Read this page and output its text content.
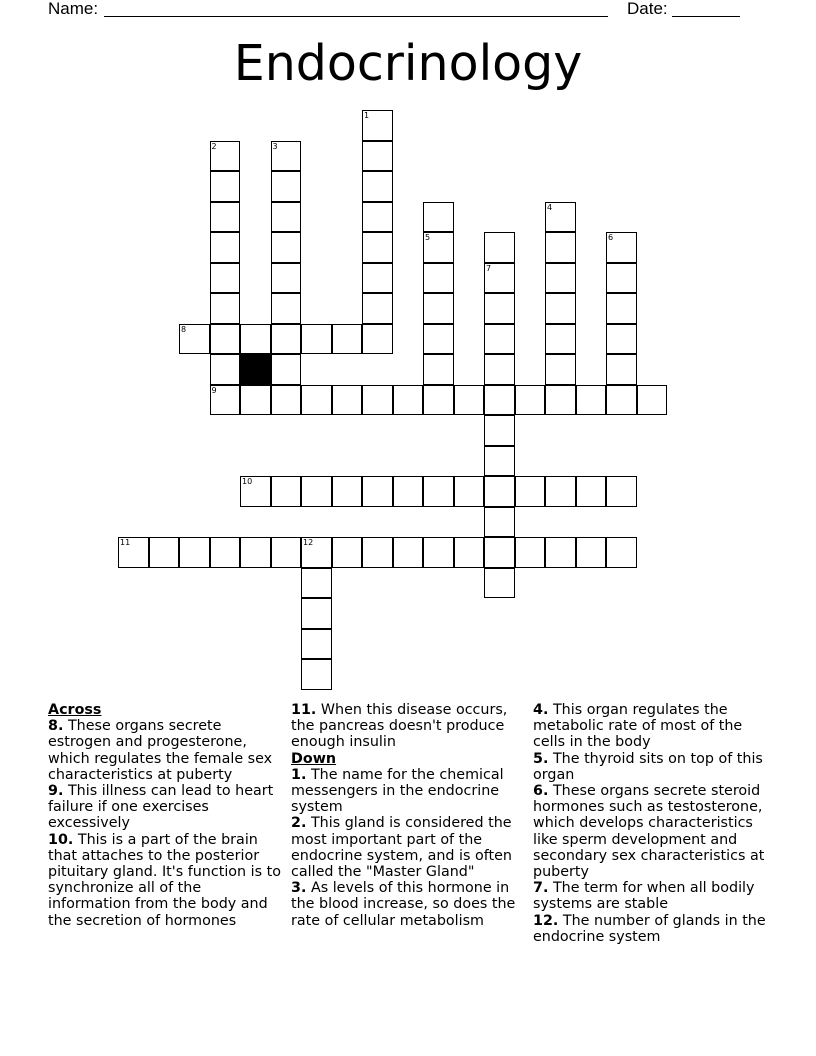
Name:	Date:
Endocrinology
1
2	3
4
5	6
7
8
9
10
11	12
Across
8. These organs secrete estrogen and progesterone, which regulates the female sex characteristics at puberty
9. This illness can lead to heart failure if one exercises excessively
10. This is a part of the brain that attaches to the posterior pituitary gland. It's function is to synchronize all of the information from the body and the secretion of hormones
11. When this disease occurs, the pancreas doesn't produce enough insulin
Down
1. The name for the chemical messengers in the endocrine system
2. This gland is considered the most important part of the endocrine system, and is often called the "Master Gland"
3. As levels of this hormone in the blood increase, so does the rate of cellular metabolism
4. This organ regulates the metabolic rate of most of the cells in the body
5. The thyroid sits on top of this organ
6. These organs secrete steroid hormones such as testosterone, which develops characteristics like sperm development and secondary sex characteristics at puberty
7. The term for when all bodily systems are stable
12. The number of glands in the endocrine system
